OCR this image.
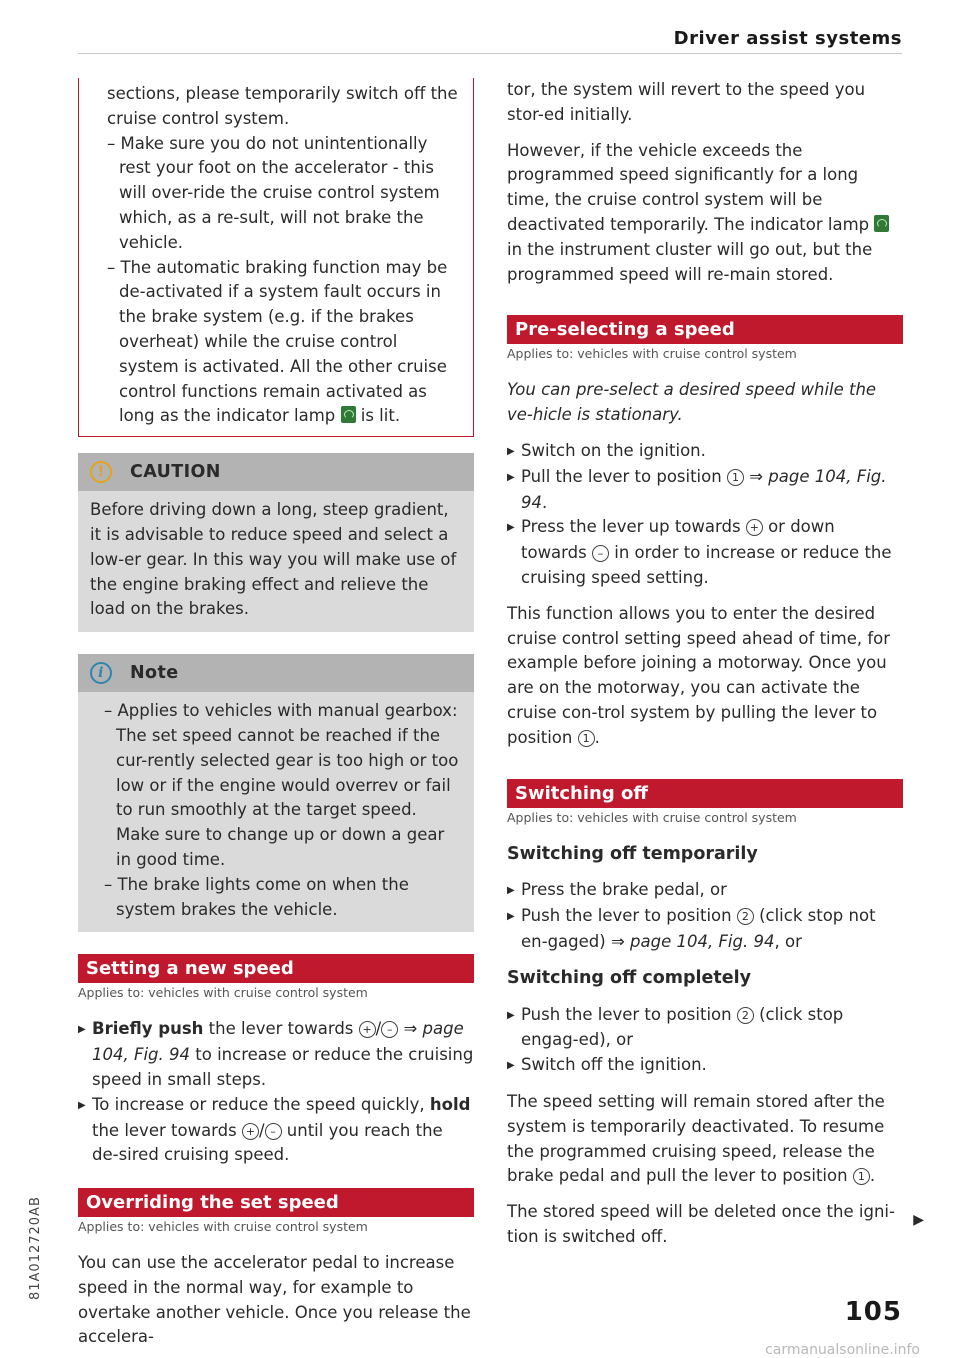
Driver assist systems

sections, please temporarily switch off the cruise control system.

– Make sure you do not unintentionally rest your foot on the accelerator - this will over-ride the cruise control system which, as a re-sult, will not brake the vehicle.

– The automatic braking function may be de-activated if a system fault occurs in the brake system (e.g. if the brakes overheat) while the cruise control system is activated. All the other cruise control functions remain activated as long as the indicator lamp is lit.

!	CAUTION
Before driving down a long, steep gradient, it is advisable to reduce speed and select a low-er gear. In this way you will make use of the engine braking effect and relieve the load on the brakes.
i	Note

– Applies to vehicles with manual gearbox: The set speed cannot be reached if the cur-rently selected gear is too high or too low or if the engine would overrev or fail to run smoothly at the target speed. Make sure to change up or down a gear in good time.

– The brake lights come on when the system brakes the vehicle.

Setting a new speed
Applies to: vehicles with cruise control system

▶ Briefly push the lever towards + / – ⇒ page 104, Fig. 94 to increase or reduce the cruising speed in small steps.

▶ To increase or reduce the speed quickly, hold the lever towards + / – until you reach the de-sired cruising speed.

Overriding the set speed
Applies to: vehicles with cruise control system

You can use the accelerator pedal to increase speed in the normal way, for example to overtake another vehicle. Once you release the accelera-

tor, the system will revert to the speed you stor-ed initially.

However, if the vehicle exceeds the programmed speed significantly for a long time, the cruise control system will be deactivated temporarily. The indicator lamp  in the instrument cluster will go out, but the programmed speed will re-main stored.

Pre-selecting a speed
Applies to: vehicles with cruise control system

You can pre-select a desired speed while the ve-hicle is stationary.

▶ Switch on the ignition.

▶ Pull the lever to position 1 ⇒ page 104, Fig. 94.

▶ Press the lever up towards + or down towards – in order to increase or reduce the cruising speed setting.

This function allows you to enter the desired cruise control setting speed ahead of time, for example before joining a motorway. Once you are on the motorway, you can activate the cruise con-trol system by pulling the lever to position 1 .

Switching off
Applies to: vehicles with cruise control system
Switching off temporarily

▶ Press the brake pedal, or

▶ Push the lever to position 2 (click stop not en-gaged) ⇒ page 104, Fig. 94, or

Switching off completely

▶ Push the lever to position 2 (click stop engag-ed), or

▶ Switch off the ignition.

The speed setting will remain stored after the system is temporarily deactivated. To resume the programmed cruising speed, release the brake pedal and pull the lever to position 1 .

The stored speed will be deleted once the igni-tion is switched off.

▶
105
81A012720AB
carmanualsonline.info
